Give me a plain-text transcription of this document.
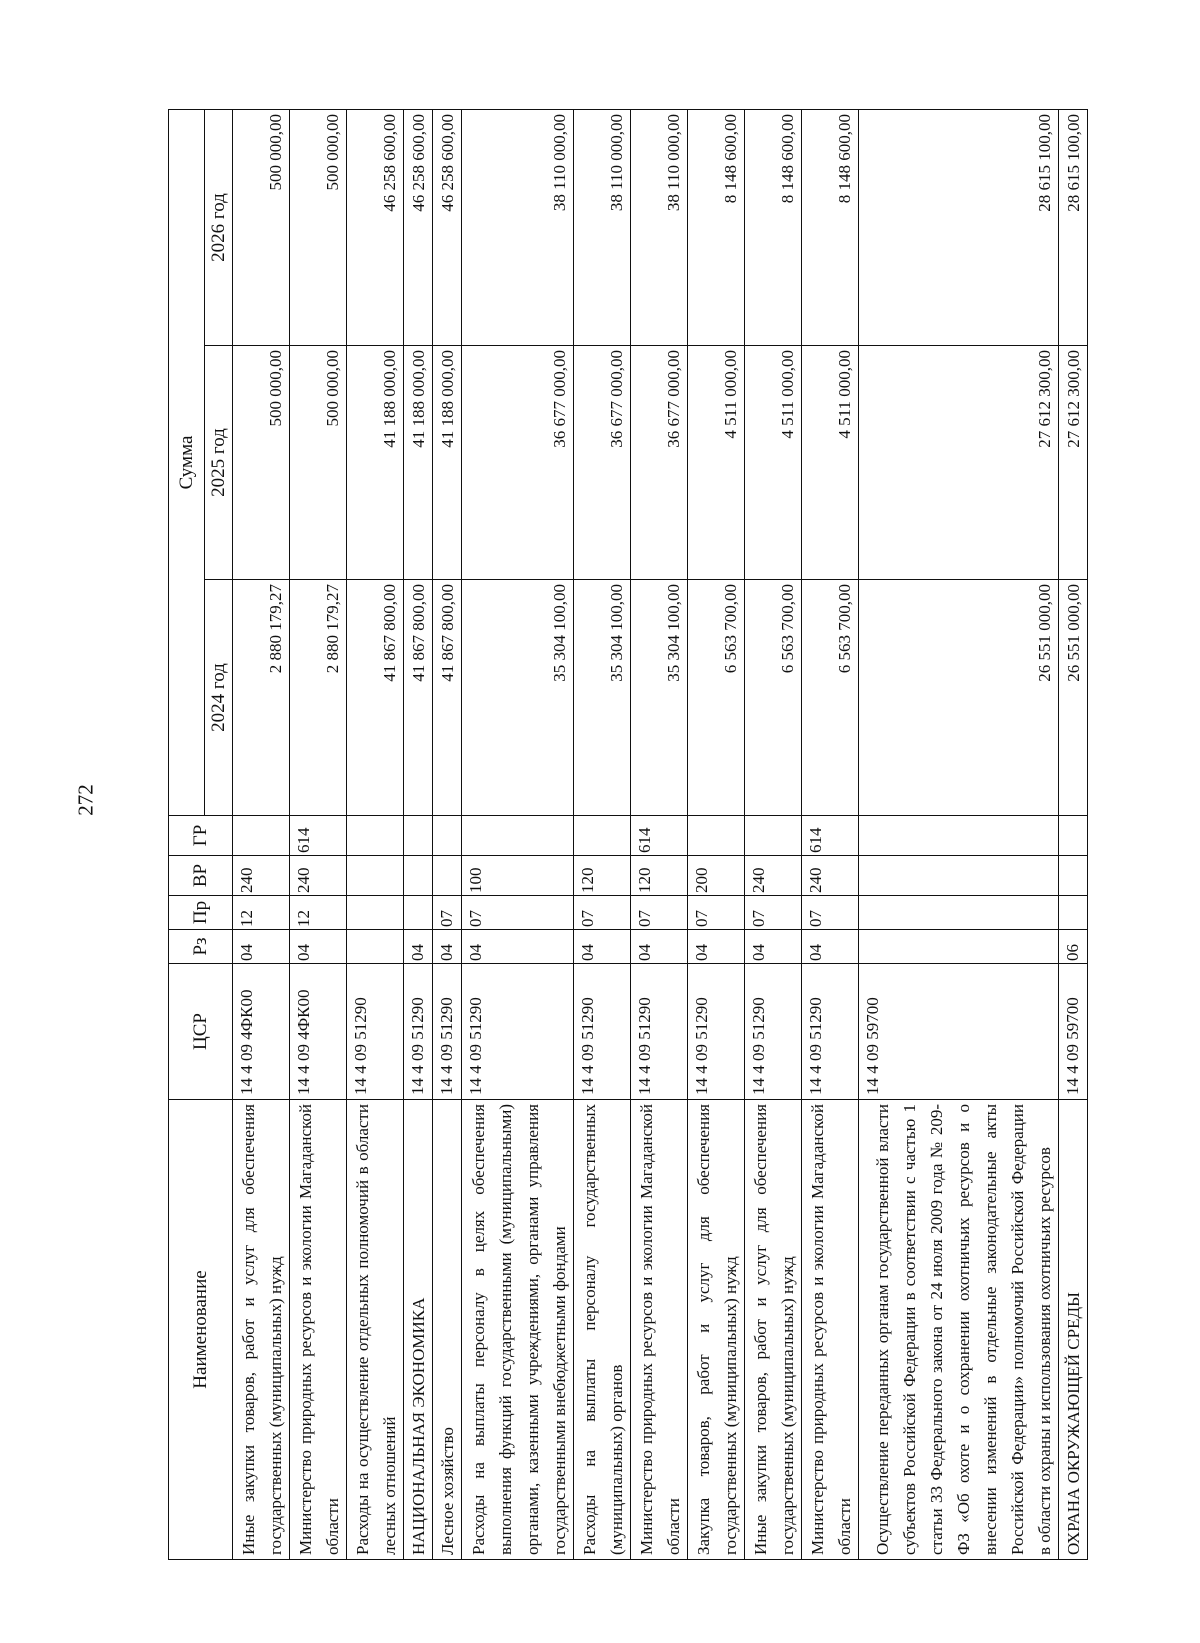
272
Наименование	ЦСР	Рз	Пр	ВР	ГР	Сумма		
						2024 год	2025 год	2026 год
Иные закупки товаров, работ и услуг для обеспечения государственных (муниципальных) нужд	14 4 09 4ФК00	04	12	240		2 880 179,27	500 000,00	500 000,00
Министерство природных ресурсов и экологии Магаданской области	14 4 09 4ФК00	04	12	240	614	2 880 179,27	500 000,00	500 000,00
Расходы на осуществление отдельных полномочий в области лесных отношений	14 4 09 51290					41 867 800,00	41 188 000,00	46 258 600,00
НАЦИОНАЛЬНАЯ ЭКОНОМИКА	14 4 09 51290	04				41 867 800,00	41 188 000,00	46 258 600,00
Лесное хозяйство	14 4 09 51290	04	07			41 867 800,00	41 188 000,00	46 258 600,00
Расходы на выплаты персоналу в целях обеспечения выполнения функций государственными (муниципальными) органами, казенными учреждениями, органами управления государственными внебюджетными фондами	14 4 09 51290	04	07	100		35 304 100,00	36 677 000,00	38 110 000,00
Расходы на выплаты персоналу государственных (муниципальных) органов	14 4 09 51290	04	07	120		35 304 100,00	36 677 000,00	38 110 000,00
Министерство природных ресурсов и экологии Магаданской области	14 4 09 51290	04	07	120	614	35 304 100,00	36 677 000,00	38 110 000,00
Закупка товаров, работ и услуг для обеспечения государственных (муниципальных) нужд	14 4 09 51290	04	07	200		6 563 700,00	4 511 000,00	8 148 600,00
Иные закупки товаров, работ и услуг для обеспечения государственных (муниципальных) нужд	14 4 09 51290	04	07	240		6 563 700,00	4 511 000,00	8 148 600,00
Министерство природных ресурсов и экологии Магаданской области	14 4 09 51290	04	07	240	614	6 563 700,00	4 511 000,00	8 148 600,00
Осуществление переданных органам государственной власти субъектов Российской Федерации в соответствии с частью 1 статьи 33 Федерального закона от 24 июля 2009 года № 209-ФЗ «Об охоте и о сохранении охотничьих ресурсов и о внесении изменений в отдельные законодательные акты Российской Федерации» полномочий Российской Федерации в области охраны и использования охотничьих ресурсов	14 4 09 59700					26 551 000,00	27 612 300,00	28 615 100,00
ОХРАНА ОКРУЖАЮЩЕЙ СРЕДЫ	14 4 09 59700	06				26 551 000,00	27 612 300,00	28 615 100,00
